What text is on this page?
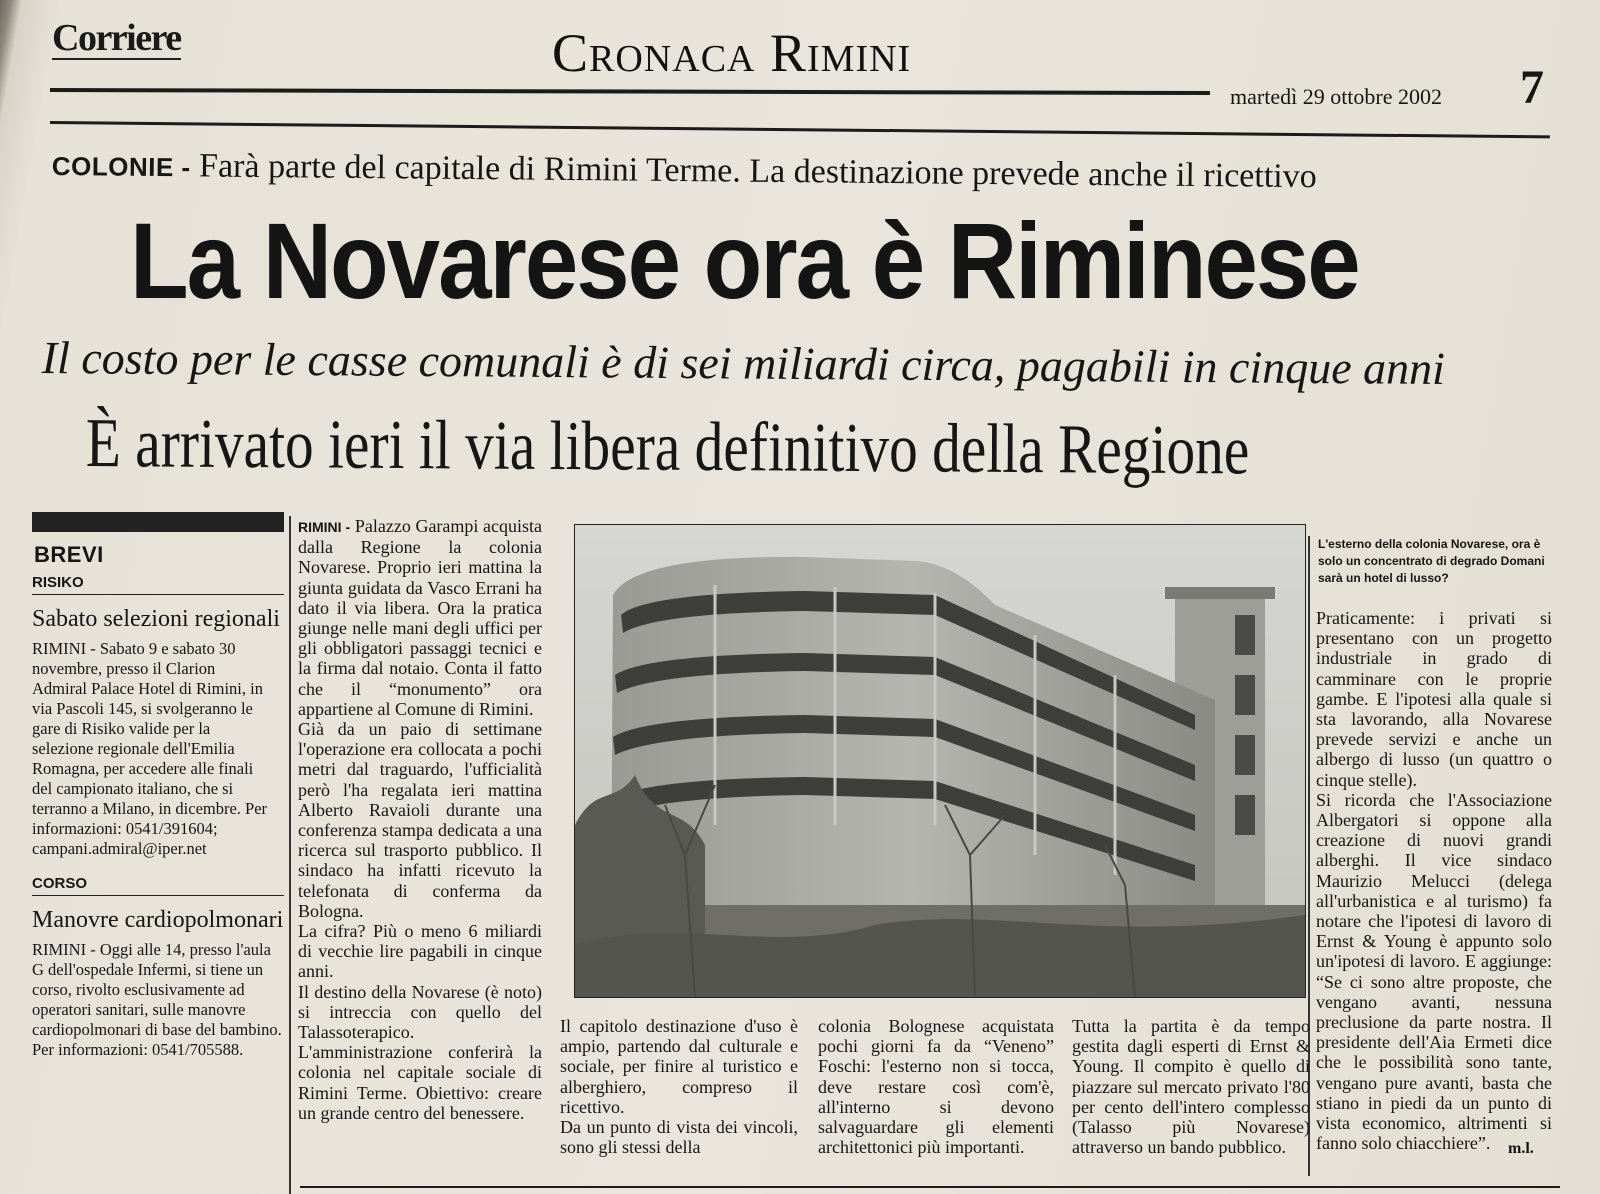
Corriere	Cronaca Rimini
martedì 29 ottobre 2002 7
COLONIE - Farà parte del capitale di Rimini Terme. La destinazione prevede anche il ricettivo
La Novarese ora è Riminese
Il costo per le casse comunali è di sei miliardi circa, pagabili in cinque anni
È arrivato ieri il via libera definitivo della Regione
BREVI
RISIKO
Sabato selezioni regionali
RIMINI - Sabato 9 e sabato 30 novembre, presso il Clarion Admiral Palace Hotel di Rimini, in via Pascoli 145, si svolgeranno le gare di Risiko valide per la selezione regionale dell'Emilia Romagna, per accedere alle finali del campionato italiano, che si terranno a Milano, in dicembre. Per informazioni: 0541/391604; campani.admiral@iper.net
CORSO
Manovre cardiopolmonari
RIMINI - Oggi alle 14, presso l'aula G dell'ospedale Infermi, si tiene un corso, rivolto esclusivamente ad operatori sanitari, sulle manovre cardiopolmonari di base del bambino. Per informazioni: 0541/705588.

RIMINI - Palazzo Garampi acquista dalla Regione la colonia Novarese. Proprio ieri mattina la giunta guidata da Vasco Errani ha dato il via libera. Ora la pratica giunge nelle mani degli uffici per gli obbligatori passaggi tecnici e la firma dal notaio. Conta il fatto che il “monumento” ora appartiene al Comune di Rimini.

Già da un paio di settimane l'operazione era collocata a pochi metri dal traguardo, l'ufficialità però l'ha regalata ieri mattina Alberto Ravaioli durante una conferenza stampa dedicata a una ricerca sul trasporto pubblico. Il sindaco ha infatti ricevuto la telefonata di conferma da Bologna.

La cifra? Più o meno 6 miliardi di vecchie lire pagabili in cinque anni.

Il destino della Novarese (è noto) si intreccia con quello del Talassoterapico. L'amministrazione conferirà la colonia nel capitale sociale di Rimini Terme. Obiettivo: creare un grande centro del benessere.

Il capitolo destinazione d'uso è ampio, partendo dal culturale e sociale, per finire al turistico e alberghiero, compreso il ricettivo.

Da un punto di vista dei vincoli, sono gli stessi della

colonia Bolognese acquistata pochi giorni fa da “Veneno” Foschi: l'esterno non si tocca, deve restare così com'è, all'interno si devono salvaguardare gli elementi architettonici più importanti.

Tutta la partita è da tempo gestita dagli esperti di Ernst & Young. Il compito è quello di piazzare sul mercato privato l'80 per cento dell'intero complesso (Talasso più Novarese) attraverso un bando pubblico.

L'esterno della colonia Novarese, ora è solo un concentrato di degrado Domani sarà un hotel di lusso?

Praticamente: i privati si presentano con un progetto industriale in grado di camminare con le proprie gambe. E l'ipotesi alla quale si sta lavorando, alla Novarese prevede servizi e anche un albergo di lusso (un quattro o cinque stelle).

Si ricorda che l'Associazione Albergatori si oppone alla creazione di nuovi grandi alberghi. Il vice sindaco Maurizio Melucci (delega all'urbanistica e al turismo) fa notare che l'ipotesi di lavoro di Ernst & Young è appunto solo un'ipotesi di lavoro. E aggiunge: “Se ci sono altre proposte, che vengano avanti, nessuna preclusione da parte nostra. Il presidente dell'Aia Ermeti dice che le possibilità sono tante, vengano pure avanti, basta che stiano in piedi da un punto di vista economico, altrimenti si fanno solo chiacchiere”.	m.l.
